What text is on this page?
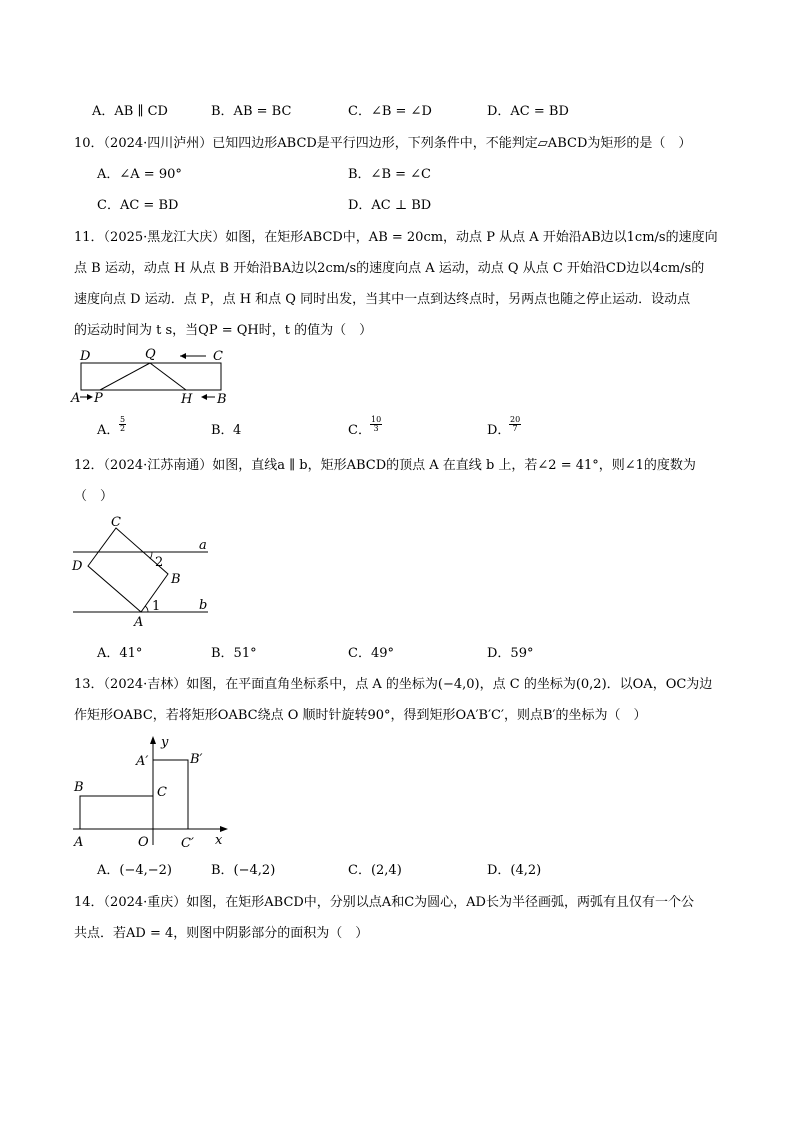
A．AB ∥ CD	B．AB = BC	C．∠B = ∠D	D．AC = BD
10．（2024·四川泸州）已知四边形ABCD是平行四边形，下列条件中，不能判定▱ABCD为矩形的是（　）
A．∠A = 90°	B．∠B = ∠C
C．AC = BD	D．AC ⊥ BD
11．（2025·黑龙江大庆）如图，在矩形ABCD中，AB = 20cm，动点 P 从点 A 开始沿AB边以1cm/s的速度向
点 B 运动，动点 H 从点 B 开始沿BA边以2cm/s的速度向点 A 运动，动点 Q 从点 C 开始沿CD边以4cm/s的
速度向点 D 运动．点 P，点 H 和点 Q 同时出发，当其中一点到达终点时，另两点也随之停止运动．设动点
的运动时间为 t s，当QP = QH时，t 的值为（　）
D	Q	C
A P	H B
A． $\frac{5}{2}$	B． 4	C． $\frac{10}{3}$	D．
$\frac{20}{7}$
12．（2024·江苏南通）如图，直线a ∥ b，矩形ABCD的顶点 A 在直线 b 上，若∠2 = 41°，则∠1的度数为
（　）
C
a
D	2
B
b
1
A
A．41°	B．51°	C．49°	D．59°
13．（2024·吉林）如图，在平面直角坐标系中，点 A 的坐标为(−4,0)，点 C 的坐标为(0,2)．以OA，OC为边
作矩形OABC，若将矩形OABC绕点 O 顺时针旋转90°，得到矩形OA′B′C′，则点B′的坐标为（　）
y
A′	B′
B	C
A	O C′ x
A．(−4,−2)	B．(−4,2)	C．(2,4)	D．(4,2)
14．（2024·重庆）如图，在矩形ABCD中，分别以点A和C为圆心，AD长为半径画弧，两弧有且仅有一个公
共点．若AD = 4，则图中阴影部分的面积为（　）
